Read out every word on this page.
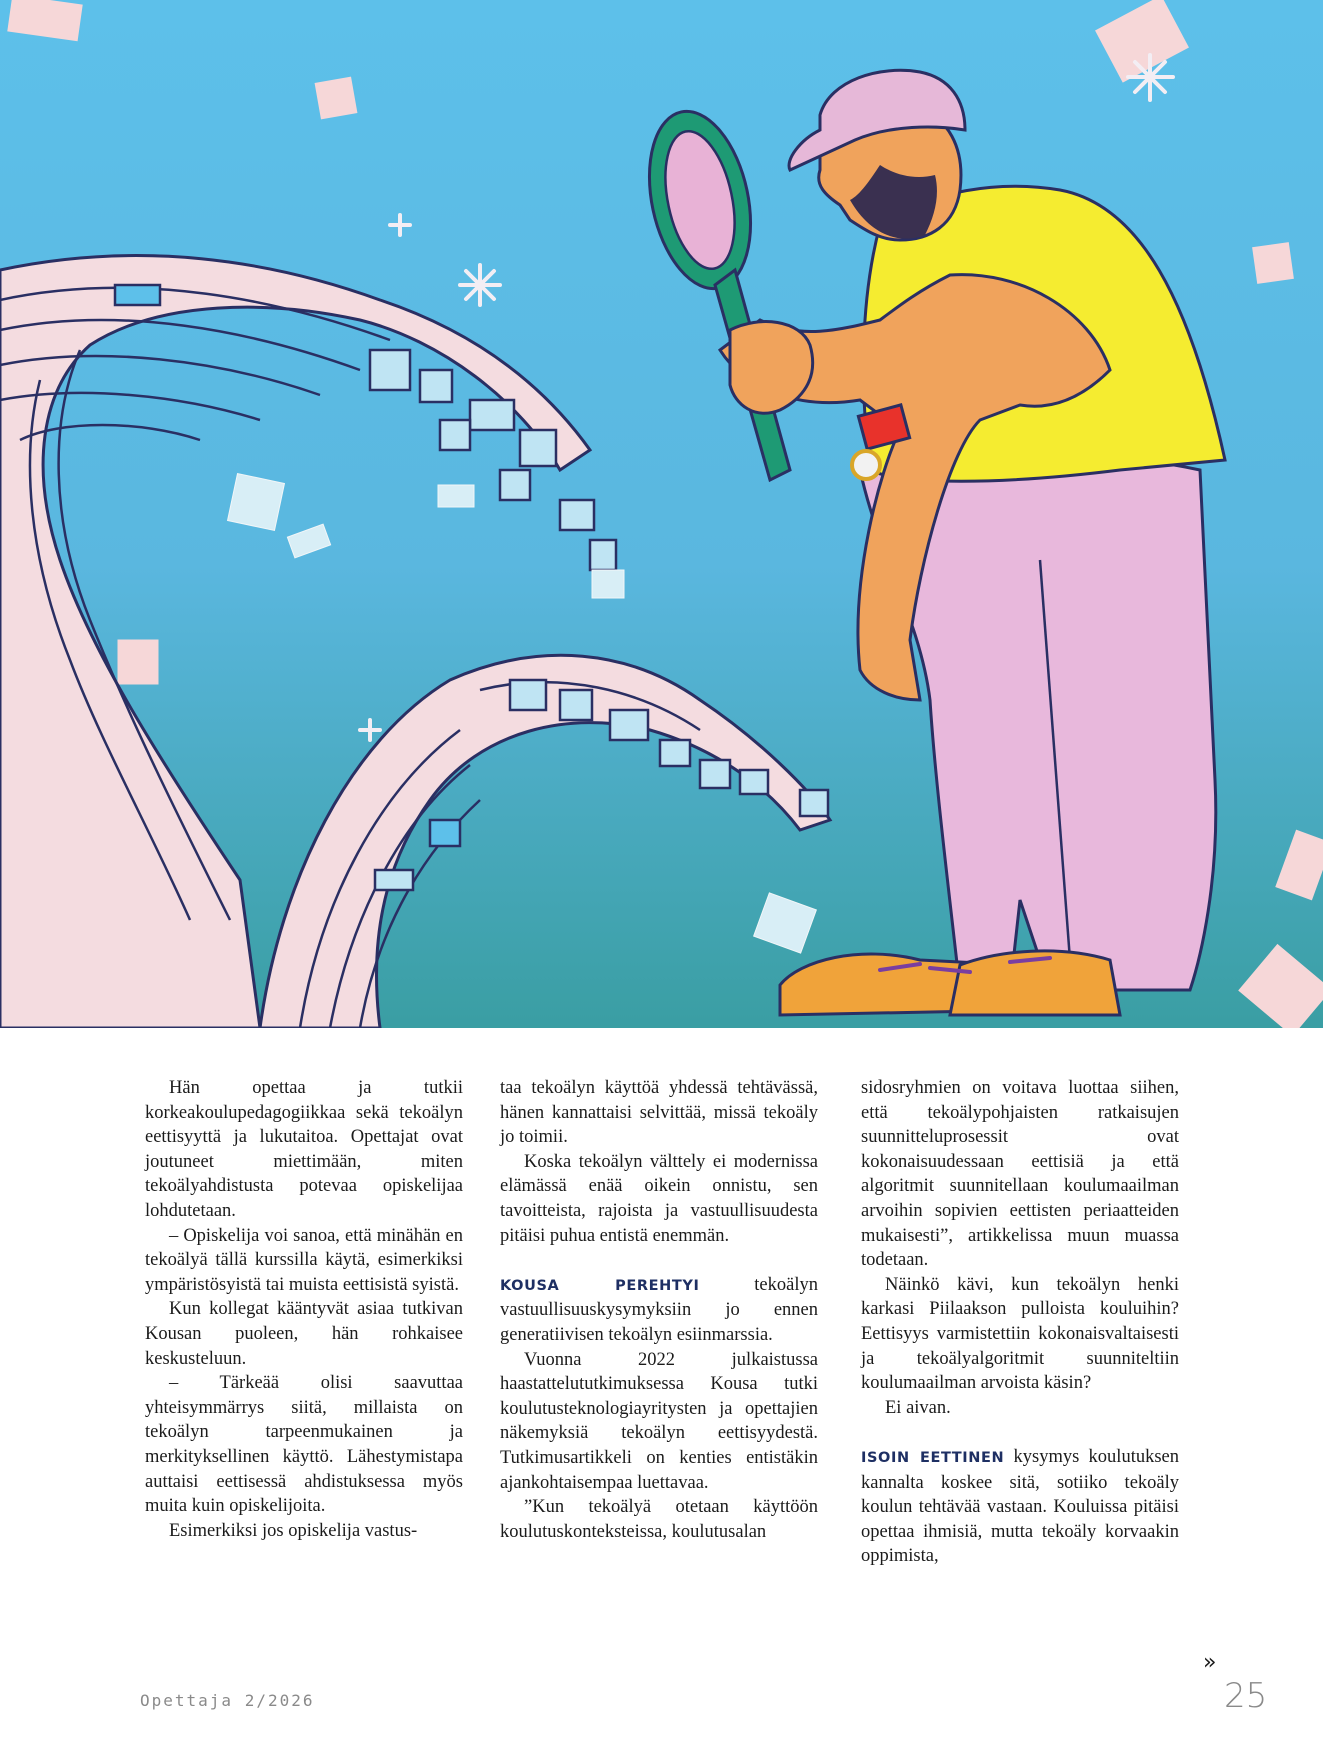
Hän opettaa ja tutkii korkeakoulupedagogiikkaa sekä tekoälyn eettisyyttä ja lukutaitoa. Opettajat ovat joutuneet miettimään, miten tekoälyahdistusta potevaa opiskelijaa lohdutetaan.

– Opiskelija voi sanoa, että minähän en tekoälyä tällä kurssilla käytä, esimerkiksi ympäristösyistä tai muista eettisistä syistä.

Kun kollegat kääntyvät asiaa tutkivan Kousan puoleen, hän rohkaisee keskusteluun.

– Tärkeää olisi saavuttaa yhteisymmärrys siitä, millaista on tekoälyn tarpeenmukainen ja merkityksellinen käyttö. Lähestymistapa auttaisi eettisessä ahdistuksessa myös muita kuin opiskelijoita.

Esimerkiksi jos opiskelija vastus-

taa tekoälyn käyttöä yhdessä tehtävässä, hänen kannattaisi selvittää, missä tekoäly jo toimii.

Koska tekoälyn välttely ei modernissa elämässä enää oikein onnistu, sen tavoitteista, rajoista ja vastuullisuudesta pitäisi puhua entistä enemmän.

KOUSA PEREHTYI tekoälyn vastuullisuuskysymyksiin jo ennen generatiivisen tekoälyn esiinmarssia.

Vuonna 2022 julkaistussa haastattelututkimuksessa Kousa tutki koulutusteknologiayritysten ja opettajien näkemyksiä tekoälyn eettisyydestä. Tutkimusartikkeli on kenties entistäkin ajankohtaisempaa luettavaa.

”Kun tekoälyä otetaan käyttöön koulutuskonteksteissa, koulutusalan

sidosryhmien on voitava luottaa siihen, että tekoälypohjaisten ratkaisujen suunnitteluprosessit ovat kokonaisuudessaan eettisiä ja että algoritmit suunnitellaan koulumaailman arvoihin sopivien eettisten periaatteiden mukaisesti”, artikkelissa muun muassa todetaan.

Näinkö kävi, kun tekoälyn henki karkasi Piilaakson pulloista kouluihin? Eettisyys varmistettiin kokonaisvaltaisesti ja tekoälyalgoritmit suunniteltiin koulumaailman arvoista käsin?

Ei aivan.

ISOIN EETTINEN kysymys koulutuksen kannalta koskee sitä, sotiiko tekoäly koulun tehtävää vastaan. Kouluissa pitäisi opettaa ihmisiä, mutta tekoäly korvaakin oppimista,

»
Opettaja 2/2026	25
